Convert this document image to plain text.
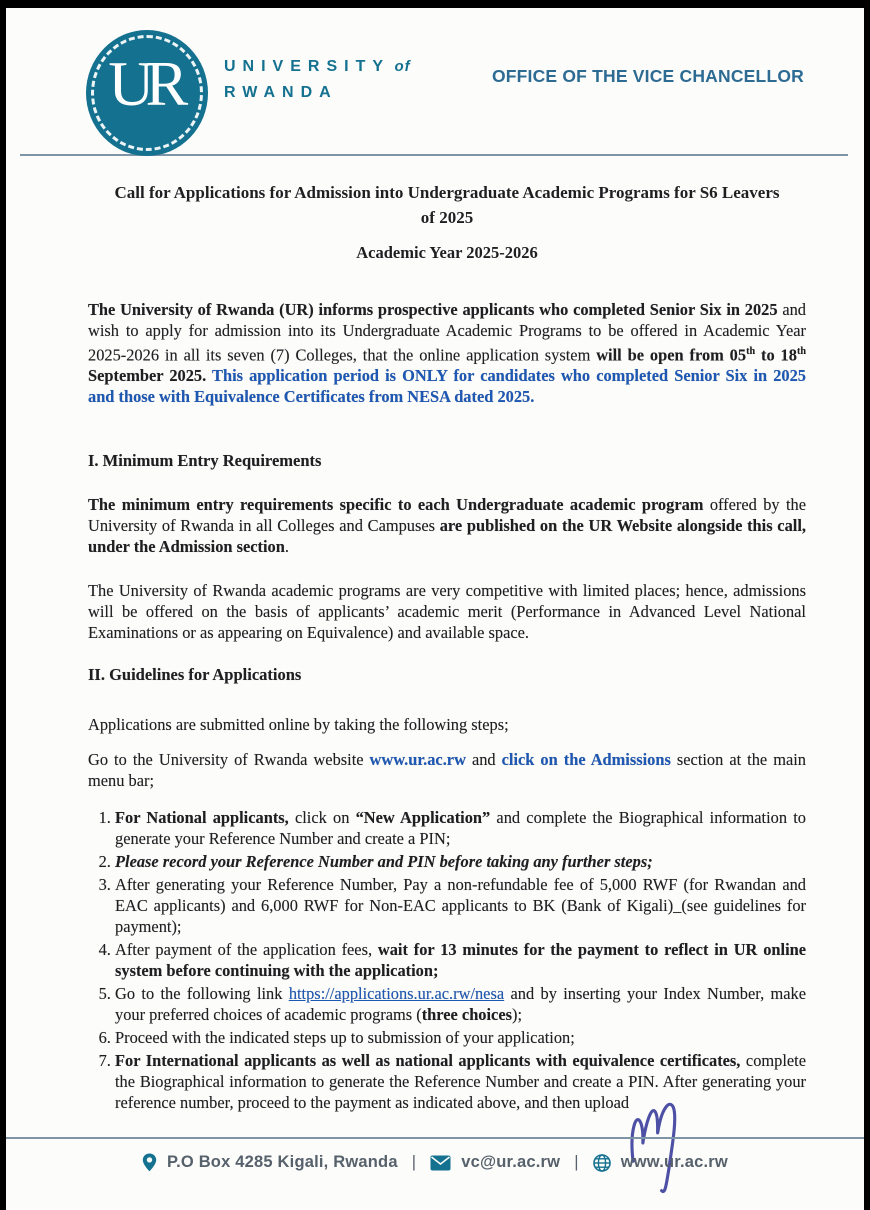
UR	UNIVERSITY of
RWANDA
OFFICE OF THE VICE CHANCELLOR
Call for Applications for Admission into Undergraduate Academic Programs for S6 Leavers
of 2025
Academic Year 2025-2026

The University of Rwanda (UR) informs prospective applicants who completed Senior Six in 2025 and wish to apply for admission into its Undergraduate Academic Programs to be offered in Academic Year 2025-2026 in all its seven (7) Colleges, that the online application system will be open from 05th to 18th September 2025. This application period is ONLY for candidates who completed Senior Six in 2025 and those with Equivalence Certificates from NESA dated 2025.

I. Minimum Entry Requirements

The minimum entry requirements specific to each Undergraduate academic program offered by the University of Rwanda in all Colleges and Campuses are published on the UR Website alongside this call, under the Admission section.

The University of Rwanda academic programs are very competitive with limited places; hence, admissions will be offered on the basis of applicants’ academic merit (Performance in Advanced Level National Examinations or as appearing on Equivalence) and available space.

II. Guidelines for Applications

Applications are submitted online by taking the following steps;

Go to the University of Rwanda website www.ur.ac.rw and click on the Admissions section at the main menu bar;

1. For National applicants, click on “New Application” and complete the Biographical information to generate your Reference Number and create a PIN;
2. Please record your Reference Number and PIN before taking any further steps;
3. After generating your Reference Number, Pay a non-refundable fee of 5,000 RWF (for Rwandan and EAC applicants) and 6,000 RWF for Non-EAC applicants to BK (Bank of Kigali)_(see guidelines for payment);
4. After payment of the application fees, wait for 13 minutes for the payment to reflect in UR online system before continuing with the application;
5. Go to the following link https://applications.ur.ac.rw/nesa and by inserting your Index Number, make your preferred choices of academic programs (three choices);
6. Proceed with the indicated steps up to submission of your application;
7. For International applicants as well as national applicants with equivalence certificates, complete the Biographical information to generate the Reference Number and create a PIN. After generating your reference number, proceed to the payment as indicated above, and then upload
P.O Box 4285 Kigali, Rwanda |	vc@ur.ac.rw |	www.ur.ac.rw
